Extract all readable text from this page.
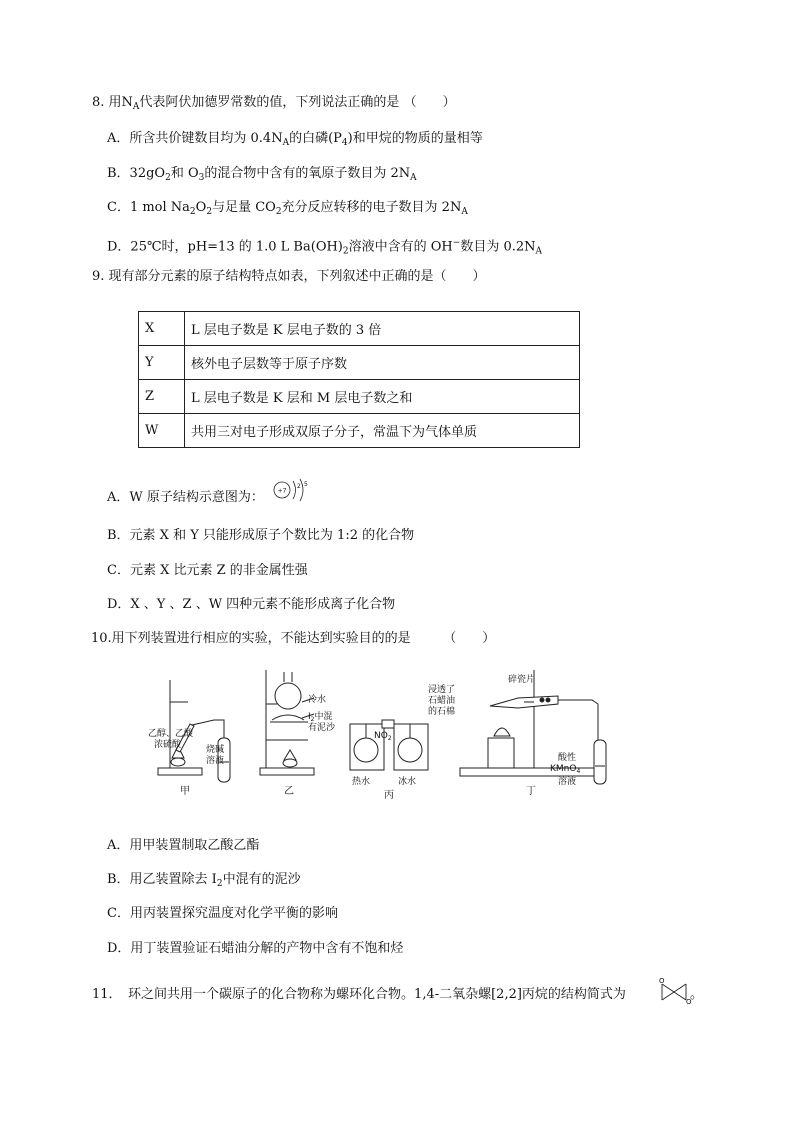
8. 用$N_A$代表阿伏加德罗常数的值，下列说法正确的是 （　　）
A．所含共价键数目均为 $0.4N_A$的白磷$(P_4)$和甲烷的物质的量相等
B．$32gO_2$和 $O_3$的混合物中含有的氧原子数目为 $2N_A$
C．1 mol $Na_2O_2$与足量 $CO_2$充分反应转移的电子数目为 $2N_A$
D．25℃时，pH=13 的 1.0 L $Ba(OH)_2$溶液中含有的 OH−数目为 $0.2N_A$
9. 现有部分元素的原子结构特点如表，下列叙述中正确的是（　　）
X	L 层电子数是 K 层电子数的 3 倍
Y	核外电子层数等于原子序数
Z	L 层电子数是 K 层和 M 层电子数之和
W	共用三对电子形成双原子分子，常温下为气体单质
A．W 原子结构示意图为： +7
2 5
B．元素 X 和 Y 只能形成原子个数比为 1:2 的化合物
C．元素 X 比元素 Z 的非金属性强
D．X 、Y 、Z 、W 四种元素不能形成离子化合物
10.用下列装置进行相应的实验，不能达到实验目的的是　　　	（　　）
乙醇、乙酸
浓硫酸	烧碱
溶液
冷水
$I_2$中混
有泥沙
$NO_2$
热水	冰水
碎瓷片
浸透了
石蜡油
的石棉
酸性
KMnO$_4$
溶液
甲	乙	丙	丁
A．用甲装置制取乙酸乙酯
B．用乙装置除去 $I_2$中混有的泥沙
C．用丙装置探究温度对化学平衡的影响
D．用丁装置验证石蜡油分解的产物中含有不饱和烃
11．　环之间共用一个碳原子的化合物称为螺环化合物。1,4-二氧杂螺[2,2]丙烷的结构简式为
O
O
。
